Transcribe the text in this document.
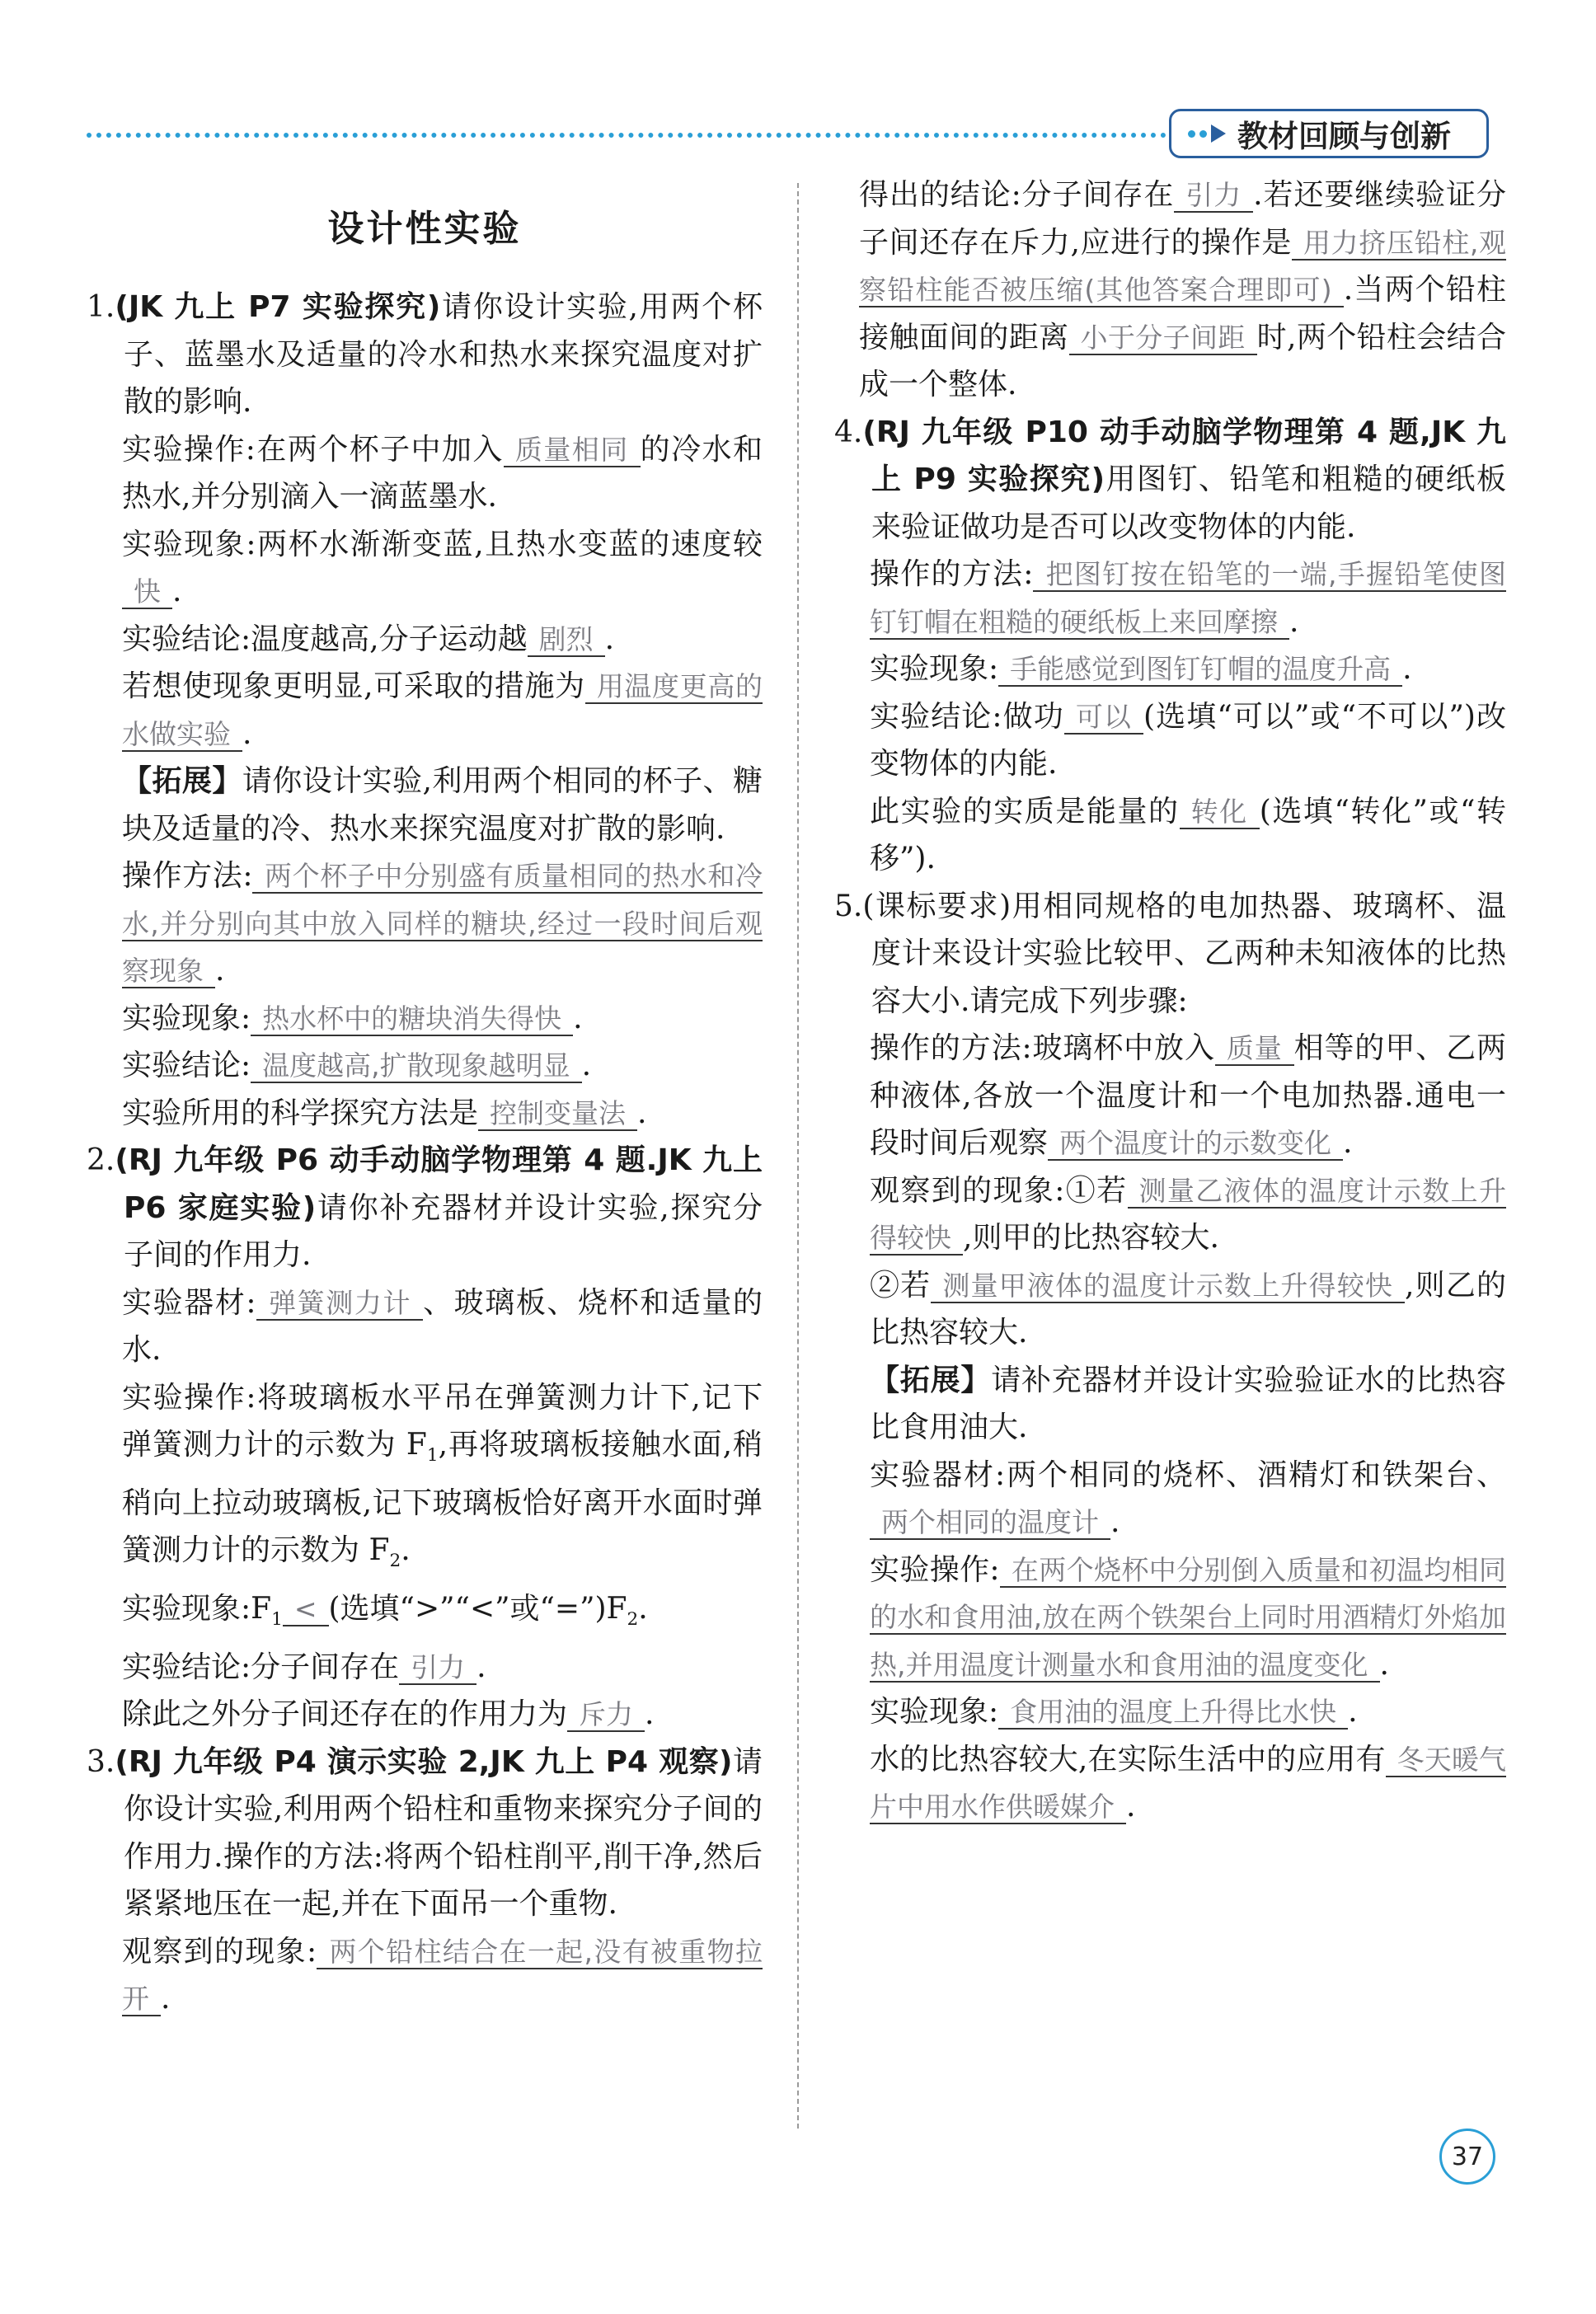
教材回顾与创新
设计性实验

1.(JK 九上 P7 实验探究)请你设计实验,用两个杯子、蓝墨水及适量的冷水和热水来探究温度对扩散的影响.

实验操作:在两个杯子中加入 质量相同 的冷水和热水,并分别滴入一滴蓝墨水.

实验现象:两杯水渐渐变蓝,且热水变蓝的速度较快 .

实验结论:温度越高,分子运动越 剧烈 .

若想使现象更明显,可采取的措施为 用温度更高的水做实验 .

【拓展】请你设计实验,利用两个相同的杯子、糖块及适量的冷、热水来探究温度对扩散的影响.

操作方法: 两个杯子中分别盛有质量相同的热水和冷水,并分别向其中放入同样的糖块,经过一段时间后观察现象 .

实验现象: 热水杯中的糖块消失得快 .

实验结论: 温度越高,扩散现象越明显 .

实验所用的科学探究方法是 控制变量法 .

2.(RJ 九年级 P6 动手动脑学物理第 4 题.JK 九上 P6 家庭实验)请你补充器材并设计实验,探究分子间的作用力.

实验器材: 弹簧测力计 、玻璃板、烧杯和适量的水.

实验操作:将玻璃板水平吊在弹簧测力计下,记下弹簧测力计的示数为 $F_1$,再将玻璃板接触水面,稍稍向上拉动玻璃板,记下玻璃板恰好离开水面时弹簧测力计的示数为 $F_2$.

实验现象$:F_1$ < (选填“>”“<”或“$=”)F_2$.

实验结论:分子间存在 引力 .

除此之外分子间还存在的作用力为 斥力 .

3.(RJ 九年级 P4 演示实验 2,JK 九上 P4 观察)请你设计实验,利用两个铅柱和重物来探究分子间的作用力.操作的方法:将两个铅柱削平,削干净,然后紧紧地压在一起,并在下面吊一个重物.

观察到的现象: 两个铅柱结合在一起,没有被重物拉开 .

得出的结论:分子间存在 引力 .若还要继续验证分子间还存在斥力,应进行的操作是 用力挤压铅柱,观察铅柱能否被压缩(其他答案合理即可) .当两个铅柱接触面间的距离 小于分子间距 时,两个铅柱会结合成一个整体.

4.(RJ 九年级 P10 动手动脑学物理第 4 题,JK 九上 P9 实验探究)用图钉、铅笔和粗糙的硬纸板来验证做功是否可以改变物体的内能.

操作的方法: 把图钉按在铅笔的一端,手握铅笔使图钉钉帽在粗糙的硬纸板上来回摩擦 .

实验现象: 手能感觉到图钉钉帽的温度升高 .

实验结论:做功 可以 (选填“可以”或“不可以”)改变物体的内能.

此实验的实质是能量的 转化 (选填“转化”或“转移”).

5.(课标要求)用相同规格的电加热器、玻璃杯、温度计来设计实验比较甲、乙两种未知液体的比热容大小.请完成下列步骤:

操作的方法:玻璃杯中放入 质量 相等的甲、乙两种液体,各放一个温度计和一个电加热器.通电一段时间后观察 两个温度计的示数变化 .

观察到的现象:①若 测量乙液体的温度计示数上升得较快 ,则甲的比热容较大.

②若 测量甲液体的温度计示数上升得较快 ,则乙的比热容较大.

【拓展】请补充器材并设计实验验证水的比热容比食用油大.

实验器材:两个相同的烧杯、酒精灯和铁架台、两个相同的温度计 .

实验操作: 在两个烧杯中分别倒入质量和初温均相同的水和食用油,放在两个铁架台上同时用酒精灯外焰加热,并用温度计测量水和食用油的温度变化 .

实验现象: 食用油的温度上升得比水快 .

水的比热容较大,在实际生活中的应用有 冬天暖气片中用水作供暖媒介 .

37
